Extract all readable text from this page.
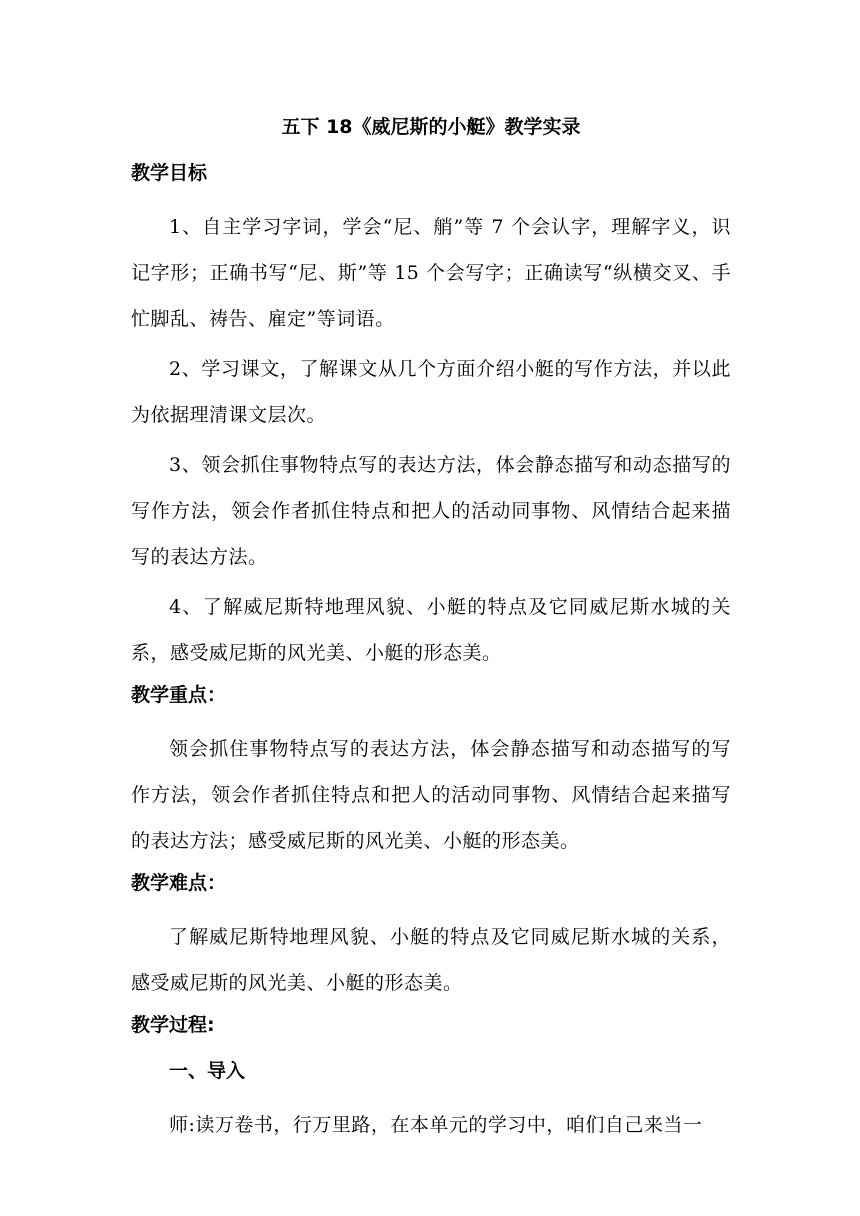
五下 18《威尼斯的小艇》教学实录
教学目标

1、自主学习字词，学会“尼、艄”等 7 个会认字，理解字义，识记字形；正确书写“尼、斯”等 15 个会写字；正确读写“纵横交叉、手忙脚乱、祷告、雇定”等词语。

2、学习课文，了解课文从几个方面介绍小艇的写作方法，并以此为依据理清课文层次。

3、领会抓住事物特点写的表达方法，体会静态描写和动态描写的写作方法，领会作者抓住特点和把人的活动同事物、风情结合起来描写的表达方法。

4、了解威尼斯特地理风貌、小艇的特点及它同威尼斯水城的关系，感受威尼斯的风光美、小艇的形态美。

教学重点：

领会抓住事物特点写的表达方法，体会静态描写和动态描写的写作方法，领会作者抓住特点和把人的活动同事物、风情结合起来描写的表达方法；感受威尼斯的风光美、小艇的形态美。

教学难点：

了解威尼斯特地理风貌、小艇的特点及它同威尼斯水城的关系，感受威尼斯的风光美、小艇的形态美。

教学过程:
一、导入

师:读万卷书，行万里路，在本单元的学习中，咱们自己来当一
